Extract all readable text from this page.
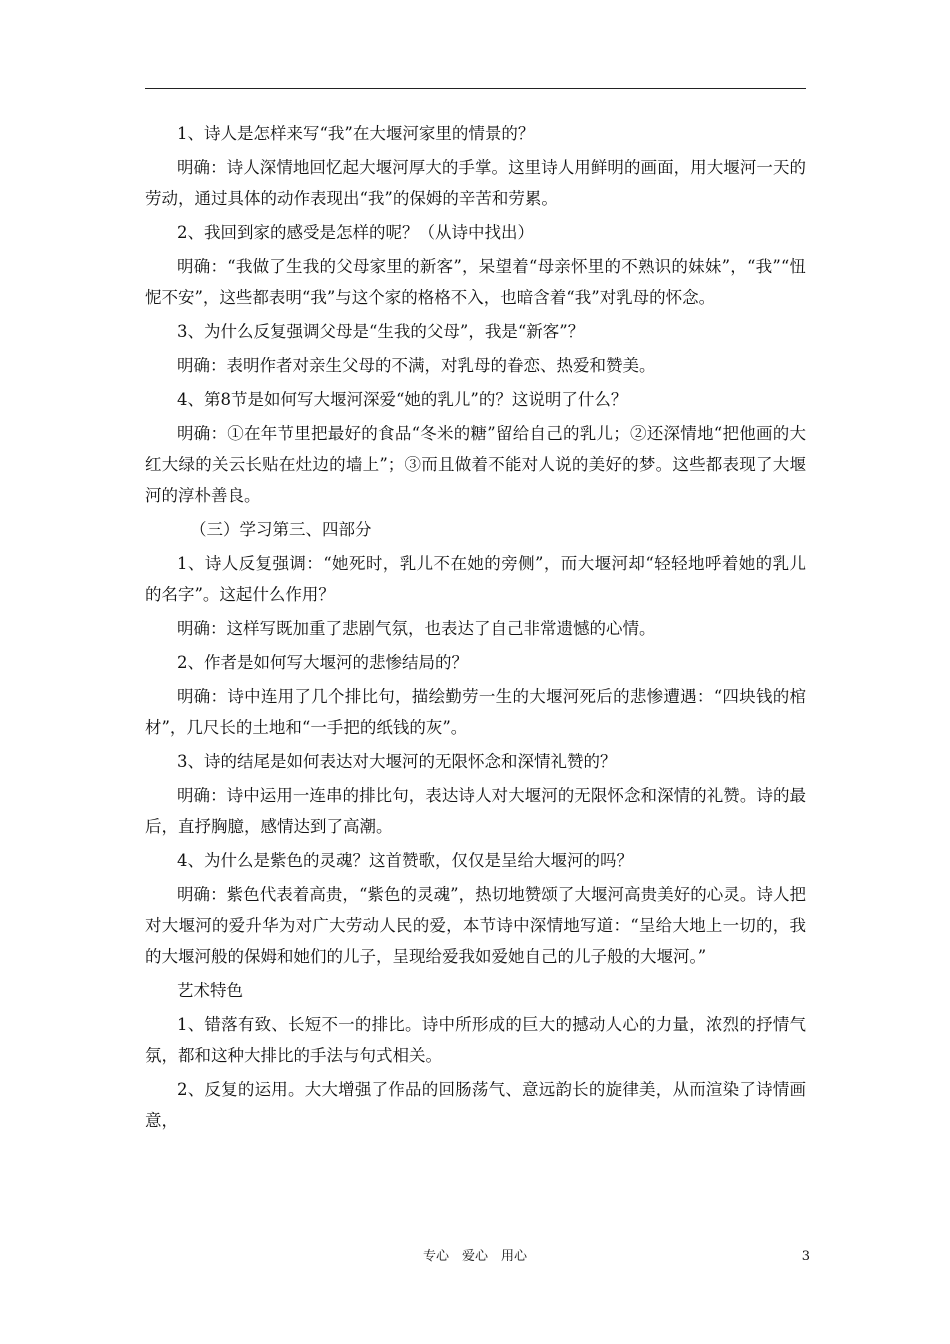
1、诗人是怎样来写“我”在大堰河家里的情景的？

明确：诗人深情地回忆起大堰河厚大的手掌。这里诗人用鲜明的画面，用大堰河一天的劳动，通过具体的动作表现出“我”的保姆的辛苦和劳累。

2、我回到家的感受是怎样的呢？（从诗中找出）

明确：“我做了生我的父母家里的新客”，呆望着“母亲怀里的不熟识的妹妹”，“我”“忸怩不安”，这些都表明“我”与这个家的格格不入，也暗含着“我”对乳母的怀念。

3、为什么反复强调父母是“生我的父母”，我是“新客”？

明确：表明作者对亲生父母的不满，对乳母的眷恋、热爱和赞美。

4、第8节是如何写大堰河深爱“她的乳儿”的？这说明了什么？

明确：①在年节里把最好的食品“冬米的糖”留给自己的乳儿；②还深情地“把他画的大红大绿的关云长贴在灶边的墙上”；③而且做着不能对人说的美好的梦。这些都表现了大堰河的淳朴善良。

（三）学习第三、四部分

1、诗人反复强调：“她死时，乳儿不在她的旁侧”，而大堰河却“轻轻地呼着她的乳儿的名字”。这起什么作用？

明确：这样写既加重了悲剧气氛，也表达了自己非常遗憾的心情。

2、作者是如何写大堰河的悲惨结局的？

明确：诗中连用了几个排比句，描绘勤劳一生的大堰河死后的悲惨遭遇：“四块钱的棺材”，几尺长的土地和“一手把的纸钱的灰”。

3、诗的结尾是如何表达对大堰河的无限怀念和深情礼赞的？

明确：诗中运用一连串的排比句，表达诗人对大堰河的无限怀念和深情的礼赞。诗的最后，直抒胸臆，感情达到了高潮。

4、为什么是紫色的灵魂？这首赞歌，仅仅是呈给大堰河的吗？

明确：紫色代表着高贵，“紫色的灵魂”，热切地赞颂了大堰河高贵美好的心灵。诗人把对大堰河的爱升华为对广大劳动人民的爱，本节诗中深情地写道：“呈给大地上一切的，我的大堰河般的保姆和她们的儿子，呈现给爱我如爱她自己的儿子般的大堰河。”

艺术特色

1、错落有致、长短不一的排比。诗中所形成的巨大的撼动人心的力量，浓烈的抒情气氛，都和这种大排比的手法与句式相关。

2、反复的运用。大大增强了作品的回肠荡气、意远韵长的旋律美，从而渲染了诗情画意，

专心　爱心　用心	3
